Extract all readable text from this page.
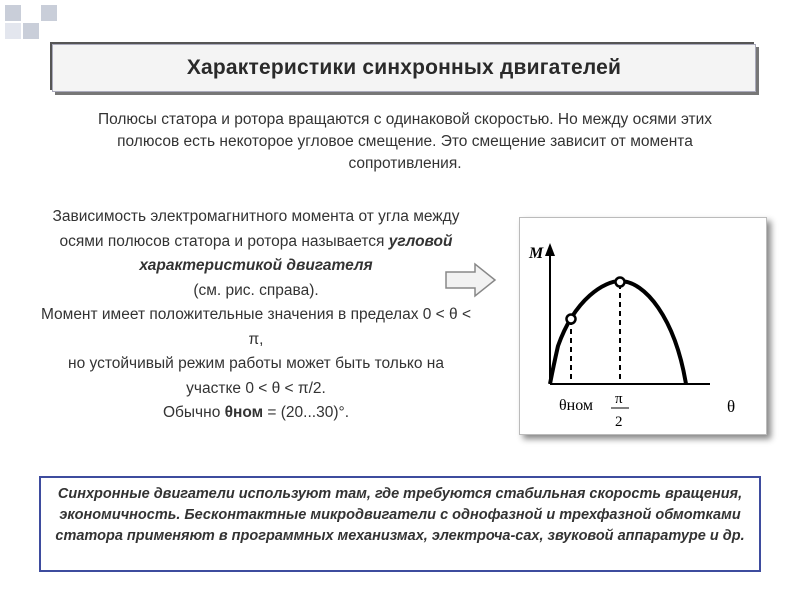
Характеристики синхронных двигателей
Полюсы статора и ротора вращаются с одинаковой скоростью. Но между осями этих полюсов есть некоторое угловое смещение. Это смещение зависит от момента сопротивления.
Зависимость электромагнитного момента от угла между осями полюсов статора и ротора называется угловой характеристикой двигателя
(см. рис. справа).
Момент имеет положительные значения в пределах 0 < θ < π,
но устойчивый режим работы может быть только на участке 0 < θ < π/2.
Обычно θном = (20...30)°.
M
θ
θном π
2
Синхронные двигатели используют там, где требуются стабильная скорость вращения, экономичность. Бесконтактные микродвигатели с однофазной и трехфазной обмотками статора применяют в программных механизмах, электроча-сах, звуковой аппаратуре и др.
